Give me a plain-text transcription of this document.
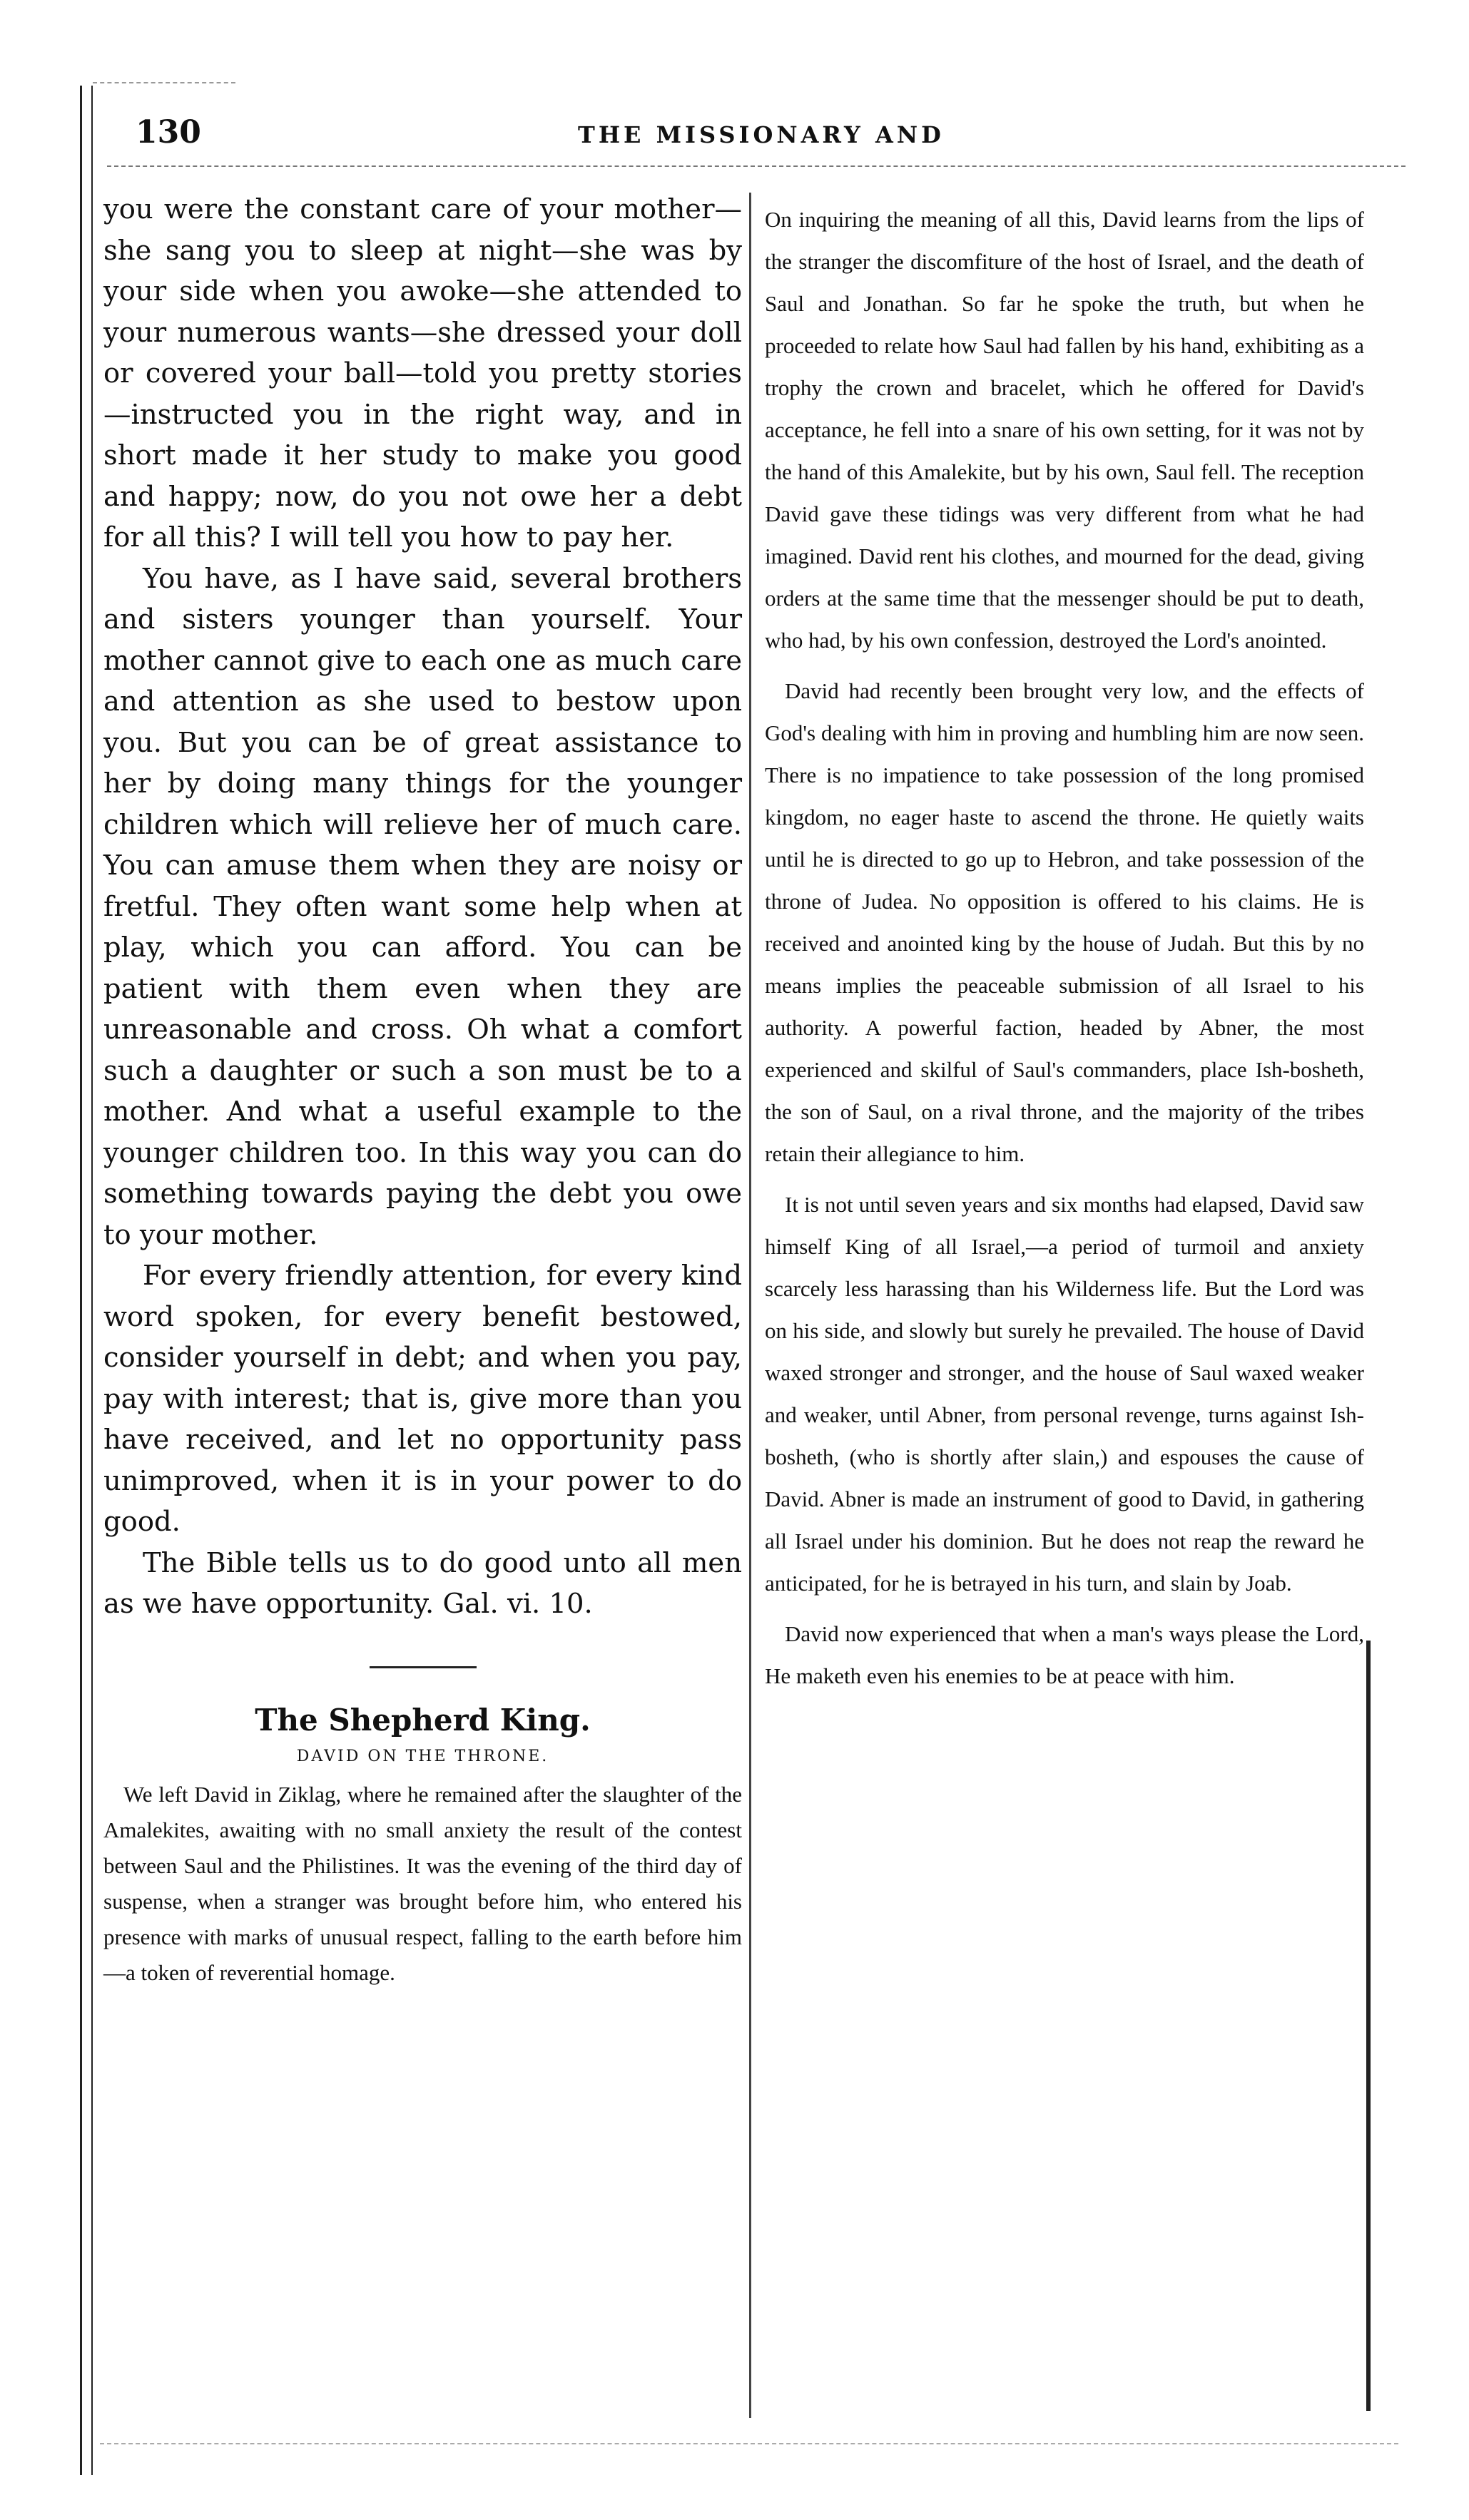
130	THE MISSIONARY AND

you were the constant care of your mother—she sang you to sleep at night—she was by your side when you awoke—she attended to your numerous wants—she dressed your doll or covered your ball—told you pretty stories—instructed you in the right way, and in short made it her study to make you good and happy; now, do you not owe her a debt for all this? I will tell you how to pay her.

You have, as I have said, several brothers and sisters younger than yourself. Your mother cannot give to each one as much care and attention as she used to bestow upon you. But you can be of great assistance to her by doing many things for the younger children which will relieve her of much care. You can amuse them when they are noisy or fretful. They often want some help when at play, which you can afford. You can be patient with them even when they are unreasonable and cross. Oh what a comfort such a daughter or such a son must be to a mother. And what a useful example to the younger children too. In this way you can do something towards paying the debt you owe to your mother.

For every friendly attention, for every kind word spoken, for every benefit bestowed, consider yourself in debt; and when you pay, pay with interest; that is, give more than you have received, and let no opportunity pass unimproved, when it is in your power to do good.

The Bible tells us to do good unto all men as we have opportunity. Gal. vi. 10.

The Shepherd King.

DAVID ON THE THRONE.

We left David in Ziklag, where he remained after the slaughter of the Amalekites, awaiting with no small anxiety the result of the contest between Saul and the Philistines. It was the evening of the third day of suspense, when a stranger was brought before him, who entered his presence with marks of unusual respect, falling to the earth before him—a token of reverential homage.

On inquiring the meaning of all this, David learns from the lips of the stranger the discomfiture of the host of Israel, and the death of Saul and Jonathan. So far he spoke the truth, but when he proceeded to relate how Saul had fallen by his hand, exhibiting as a trophy the crown and bracelet, which he offered for David's acceptance, he fell into a snare of his own setting, for it was not by the hand of this Amalekite, but by his own, Saul fell. The reception David gave these tidings was very different from what he had imagined. David rent his clothes, and mourned for the dead, giving orders at the same time that the messenger should be put to death, who had, by his own confession, destroyed the Lord's anointed.

David had recently been brought very low, and the effects of God's dealing with him in proving and humbling him are now seen. There is no impatience to take possession of the long promised kingdom, no eager haste to ascend the throne. He quietly waits until he is directed to go up to Hebron, and take possession of the throne of Judea. No opposition is offered to his claims. He is received and anointed king by the house of Judah. But this by no means implies the peaceable submission of all Israel to his authority. A powerful faction, headed by Abner, the most experienced and skilful of Saul's commanders, place Ish-bosheth, the son of Saul, on a rival throne, and the majority of the tribes retain their allegiance to him.

It is not until seven years and six months had elapsed, David saw himself King of all Israel,—a period of turmoil and anxiety scarcely less harassing than his Wilderness life. But the Lord was on his side, and slowly but surely he prevailed. The house of David waxed stronger and stronger, and the house of Saul waxed weaker and weaker, until Abner, from personal revenge, turns against Ish-bosheth, (who is shortly after slain,) and espouses the cause of David. Abner is made an instrument of good to David, in gathering all Israel under his dominion. But he does not reap the reward he anticipated, for he is betrayed in his turn, and slain by Joab.

David now experienced that when a man's ways please the Lord, He maketh even his enemies to be at peace with him.
